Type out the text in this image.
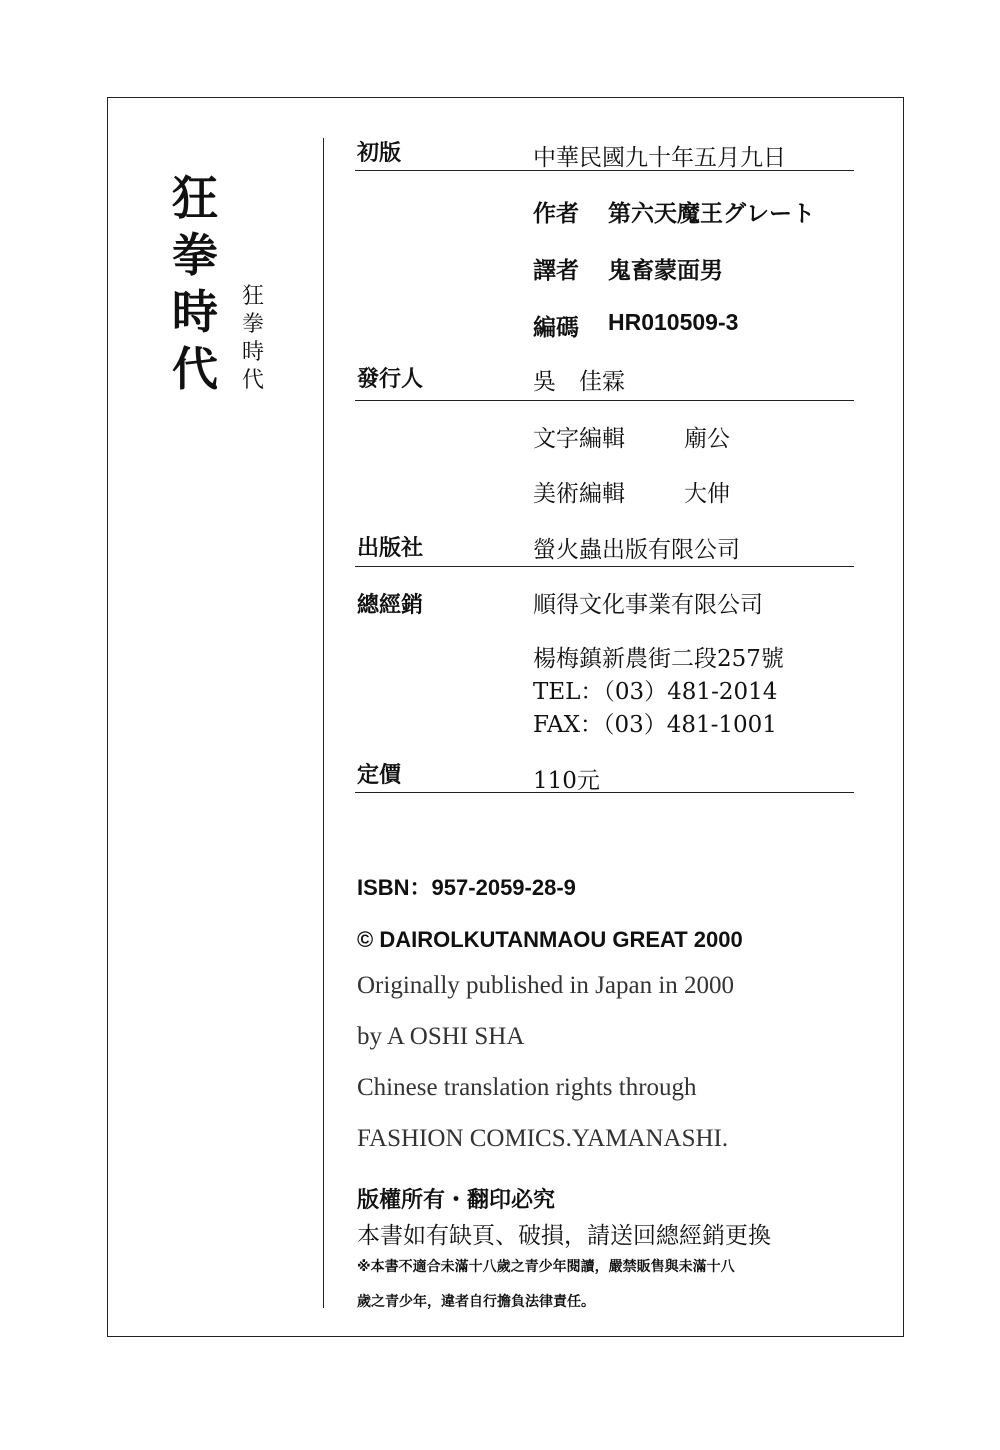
狂
拳
時
代
狂
拳
時
代
初版	中華民國九十年五月九日
作者 第六天魔王グレート
譯者 鬼畜蒙面男
編碼 HR010509-3
發行人	吳　佳霖
文字編輯	廟公
美術編輯	大伸
出版社	螢火蟲出版有限公司
總經銷	順得文化事業有限公司
楊梅鎮新農街二段257號
TEL：（03）481-2014
FAX：（03）481-1001
定價	110元
ISBN：957-2059-28-9
© DAIROLKUTANMAOU GREAT 2000
Originally published in Japan in 2000
by A OSHI SHA
Chinese translation rights through
FASHION COMICS.YAMANASHI.
版權所有・翻印必究
本書如有缺頁、破損，請送回總經銷更換
※本書不適合未滿十八歲之青少年閱讀，嚴禁販售與未滿十八
歲之青少年，違者自行擔負法律責任。
